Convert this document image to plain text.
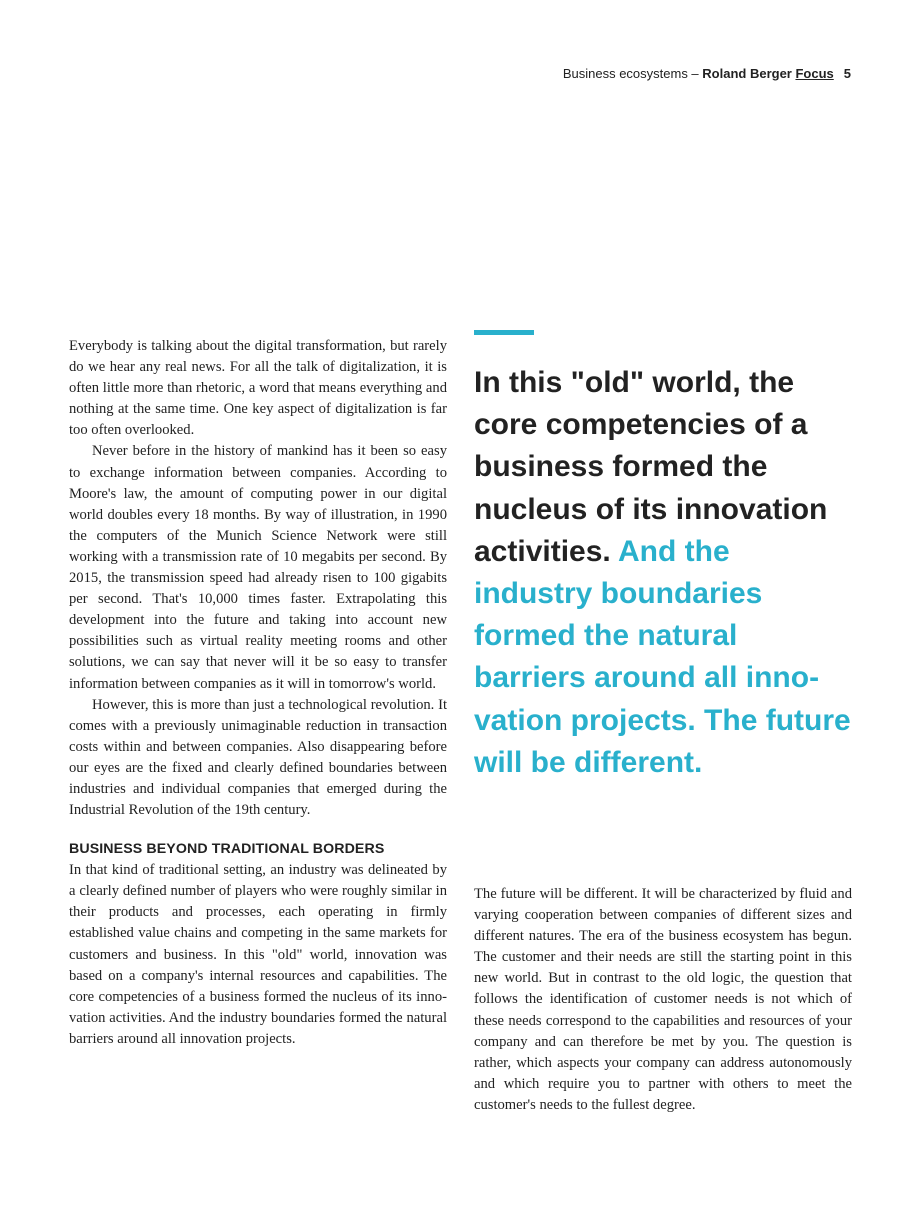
Business ecosystems – Roland Berger Focus 5

Everybody is talking about the digital transformation, but rarely do we hear any real news. For all the talk of digitalization, it is often little more than rhetoric, a word that means everything and nothing at the same time. One key aspect of digitalization is far too often overlooked.

Never before in the history of mankind has it been so easy to exchange information between companies. According to Moore's law, the amount of computing power in our digital world doubles every 18 months. By way of illustration, in 1990 the computers of the Munich Science Network were still working with a transmission rate of 10 megabits per second. By 2015, the transmission speed had already risen to 100 gigabits per second. That's 10,000 times faster. Extrapolating this development into the future and taking into account new possibilities such as virtual reality meeting rooms and other solutions, we can say that never will it be so easy to transfer information between companies as it will in tomorrow's world.

However, this is more than just a technological revolution. It comes with a previously unimaginable reduction in transaction costs within and between companies. Also disappearing before our eyes are the fixed and clearly defined boundaries between industries and individual companies that emerged during the Industrial Revolution of the 19th century.

BUSINESS BEYOND TRADITIONAL BORDERS

In that kind of traditional setting, an industry was delineated by a clearly defined number of players who were roughly similar in their products and processes, each operating in firmly established value chains and competing in the same markets for customers and business. In this "old" world, innovation was based on a company's internal resources and capabilities. The core competencies of a business formed the nucleus of its innovation activities. And the industry boundaries formed the natural barriers around all innovation projects.

In this "old" world, the core competencies of a business formed the nucleus of its innovation activities. And the industry boundaries formed the natural barriers around all innovation projects. The future will be different.

The future will be different. It will be characterized by fluid and varying cooperation between companies of different sizes and different natures. The era of the business ecosystem has begun. The customer and their needs are still the starting point in this new world. But in contrast to the old logic, the question that follows the identification of customer needs is not which of these needs correspond to the capabilities and resources of your company and can therefore be met by you. The question is rather, which aspects your company can address autonomously and which require you to partner with others to meet the customer's needs to the fullest degree.
